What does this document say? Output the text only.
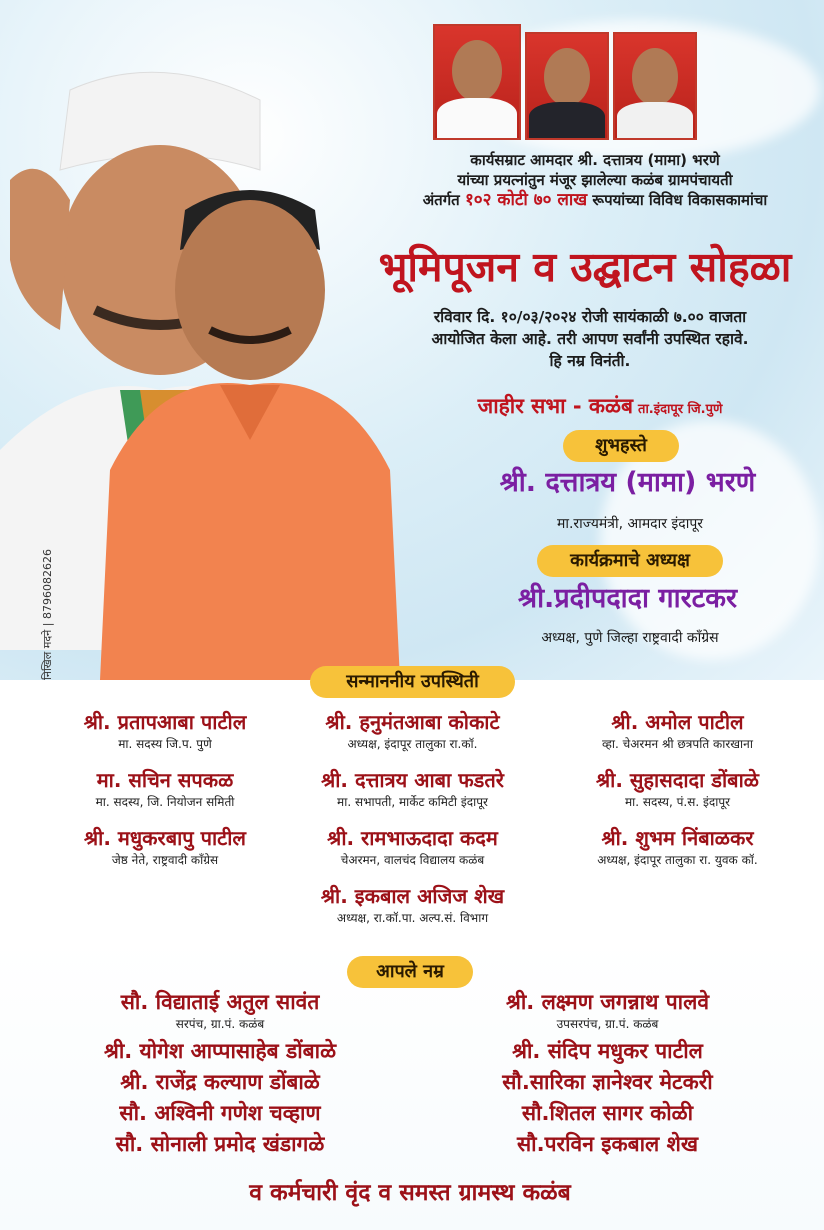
कार्यसम्राट आमदार श्री. दत्तात्रय (मामा) भरणे
यांच्या प्रयत्नांतुन मंजूर झालेल्या कळंब ग्रामपंचायती
अंतर्गत १०२ कोटी ७० लाख रूपयांच्या विविध विकासकामांचा
भूमिपूजन व उद्घाटन सोहळा
रविवार दि. १०/०३/२०२४ रोजी सायंकाळी ७.०० वाजता
आयोजित केला आहे. तरी आपण सर्वांनी उपस्थित रहावे.
हि नम्र विनंती.
जाहीर सभा - कळंब ता.इंदापूर जि.पुणे
शुभहस्ते
श्री. दत्तात्रय (मामा) भरणे
मा.राज्यमंत्री, आमदार इंदापूर
कार्यक्रमाचे अध्यक्ष
श्री.प्रदीपदादा गारटकर
अध्यक्ष, पुणे जिल्हा राष्ट्रवादी काँग्रेस
निखिल मदने | 8796082626
सन्माननीय उपस्थिती
श्री. प्रतापआबा पाटील
मा. सदस्य जि.प. पुणे
श्री. हनुमंतआबा कोकाटे
अध्यक्ष, इंदापूर तालुका रा.कॉ.
श्री. अमोल पाटील
व्हा. चेअरमन श्री छत्रपति कारखाना
मा. सचिन सपकळ
मा. सदस्य, जि. नियोजन समिती
श्री. दत्तात्रय आबा फडतरे
मा. सभापती, मार्केट कमिटी इंदापूर
श्री. सुहासदादा डोंबाळे
मा. सदस्य, पं.स. इंदापूर
श्री. मधुकरबापु पाटील
जेष्ठ नेते, राष्ट्रवादी काँग्रेस
श्री. रामभाऊदादा कदम
चेअरमन, वालचंद विद्यालय कळंब
श्री. शुभम निंबाळकर
अध्यक्ष, इंदापूर तालुका रा. युवक कॉ.
श्री. इकबाल अजिज शेख
अध्यक्ष, रा.कॉ.पा. अल्प.सं. विभाग
आपले नम्र
सौ. विद्याताई अतुल सावंत
सरपंच, ग्रा.पं. कळंब
श्री. योगेश आप्पासाहेब डोंबाळे
श्री. राजेंद्र कल्याण डोंबाळे
सौ. अश्विनी गणेश चव्हाण
सौ. सोनाली प्रमोद खंडागळे
श्री. लक्ष्मण जगन्नाथ पालवे
उपसरपंच, ग्रा.पं. कळंब
श्री. संदिप मधुकर पाटील
सौ.सारिका ज्ञानेश्वर मेटकरी
सौ.शितल सागर कोळी
सौ.परविन इकबाल शेख
व कर्मचारी वृंद व समस्त ग्रामस्थ कळंब
